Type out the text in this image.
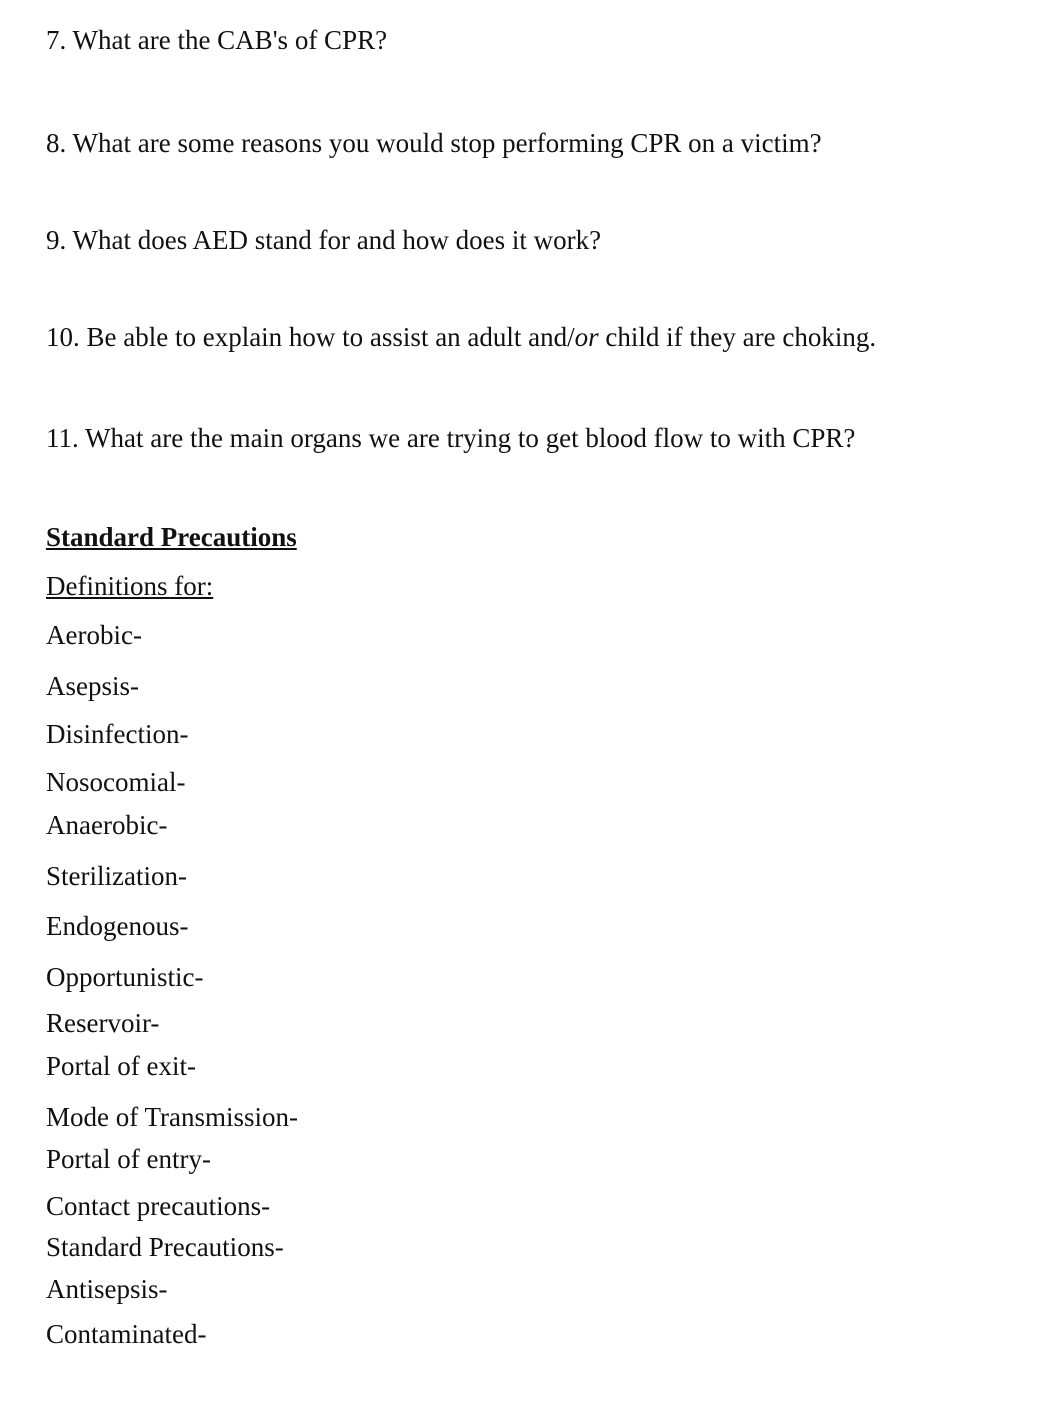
7. What are the CAB's of CPR?
8. What are some reasons you would stop performing CPR on a victim?
9. What does AED stand for and how does it work?
10. Be able to explain how to assist an adult and/or child if they are choking.
11. What are the main organs we are trying to get blood flow to with CPR?
Standard Precautions
Definitions for:
Aerobic-
Asepsis-
Disinfection-
Nosocomial-
Anaerobic-
Sterilization-
Endogenous-
Opportunistic-
Reservoir-
Portal of exit-
Mode of Transmission-
Portal of entry-
Contact precautions-
Standard Precautions-
Antisepsis-
Contaminated-
